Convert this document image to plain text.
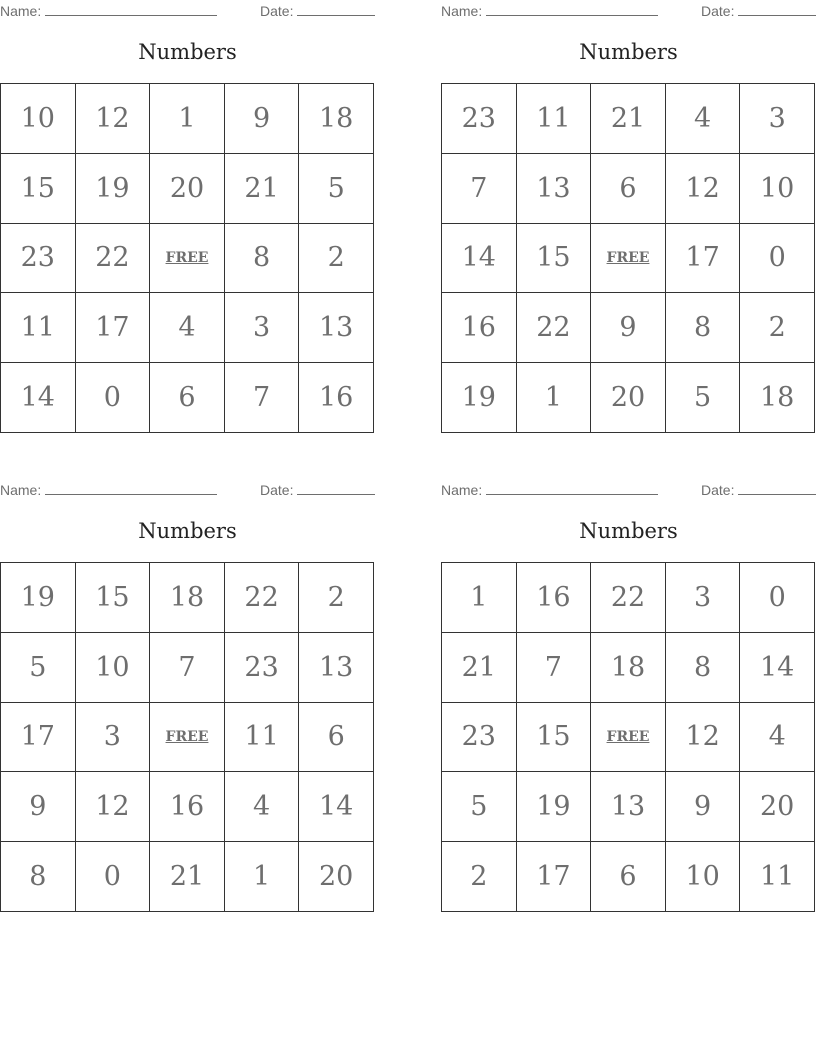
Name:	Date:
Numbers
10	12	1	9	18
15	19	20	21	5
23	22	FREE	8	2
11	17	4	3	13
14	0	6	7	16
Name:	Date:
Numbers
23	11	21	4	3
7	13	6	12	10
14	15	FREE	17	0
16	22	9	8	2
19	1	20	5	18
Name:	Date:
Numbers
19	15	18	22	2
5	10	7	23	13
17	3	FREE	11	6
9	12	16	4	14
8	0	21	1	20
Name:	Date:
Numbers
1	16	22	3	0
21	7	18	8	14
23	15	FREE	12	4
5	19	13	9	20
2	17	6	10	11
